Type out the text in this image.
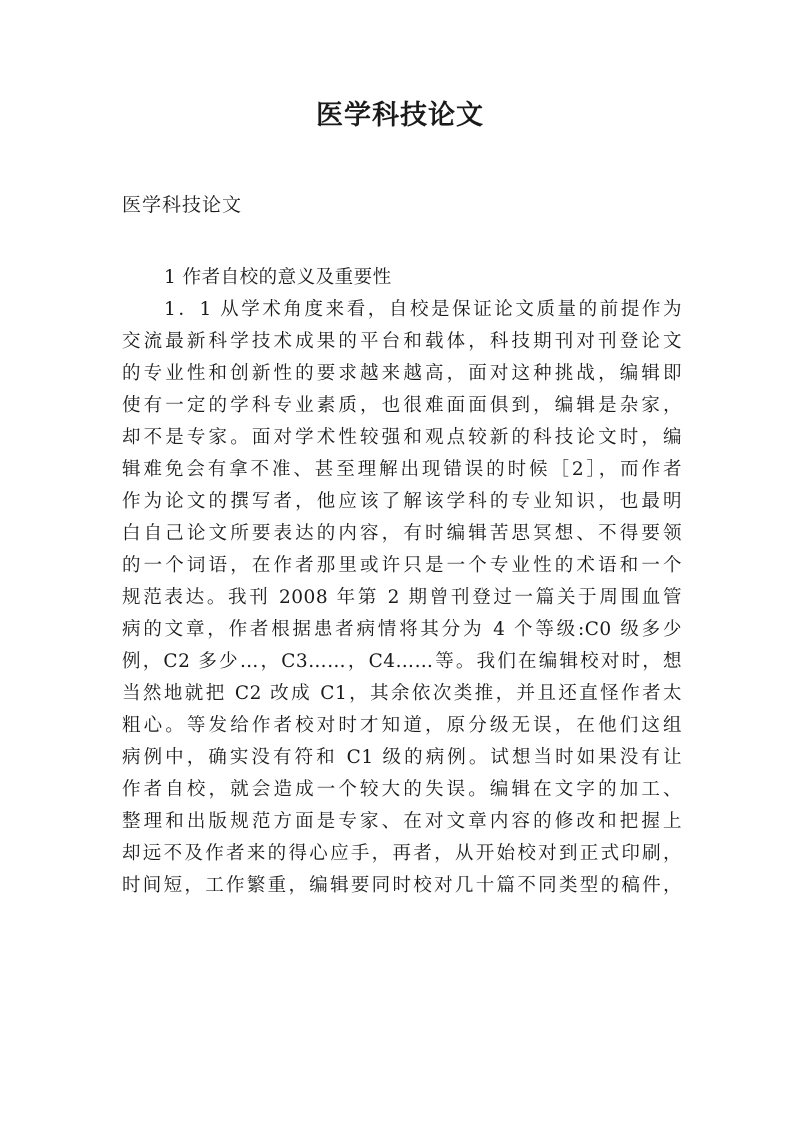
医学科技论文

医学科技论文

1 作者自校的意义及重要性
1．1 从学术角度来看，自校是保证论文质量的前提作为
交流最新科学技术成果的平台和载体，科技期刊对刊登论文
的专业性和创新性的要求越来越高，面对这种挑战，编辑即
使有一定的学科专业素质，也很难面面俱到，编辑是杂家，
却不是专家。面对学术性较强和观点较新的科技论文时，编
辑难免会有拿不准、甚至理解出现错误的时候［2］，而作者
作为论文的撰写者，他应该了解该学科的专业知识，也最明
白自己论文所要表达的内容，有时编辑苦思冥想、不得要领
的一个词语，在作者那里或许只是一个专业性的术语和一个
规范表达。我刊 2008 年第 2 期曾刊登过一篇关于周围血管
病的文章，作者根据患者病情将其分为 4 个等级:C0 级多少
例，C2 多少…，C3……，C4……等。我们在编辑校对时，想
当然地就把 C2 改成 C1，其余依次类推，并且还直怪作者太
粗心。等发给作者校对时才知道，原分级无误，在他们这组
病例中，确实没有符和 C1 级的病例。试想当时如果没有让
作者自校，就会造成一个较大的失误。编辑在文字的加工、
整理和出版规范方面是专家、在对文章内容的修改和把握上
却远不及作者来的得心应手，再者，从开始校对到正式印刷，
时间短，工作繁重，编辑要同时校对几十篇不同类型的稿件，
